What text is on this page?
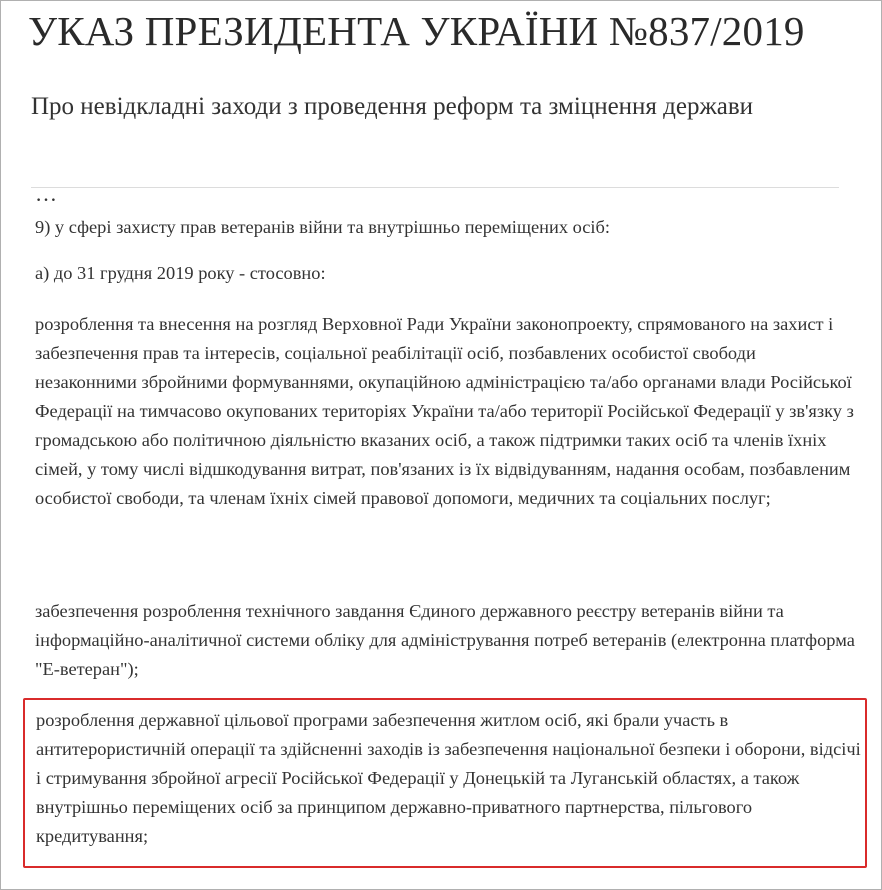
УКАЗ ПРЕЗИДЕНТА УКРАЇНИ №837/2019
Про невідкладні заходи з проведення реформ та зміцнення держави
…

9) у сфері захисту прав ветеранів війни та внутрішньо переміщених осіб:

а) до 31 грудня 2019 року - стосовно:

розроблення та внесення на розгляд Верховної Ради України законопроекту, спрямованого на захист і забезпечення прав та інтересів, соціальної реабілітації осіб, позбавлених особистої свободи незаконними збройними формуваннями, окупаційною адміністрацією та/або органами влади Російської Федерації на тимчасово окупованих територіях України та/або території Російської Федерації у зв'язку з громадською або політичною діяльністю вказаних осіб, а також підтримки таких осіб та членів їхніх сімей, у тому числі відшкодування витрат, пов'язаних із їх відвідуванням, надання особам, позбавленим особистої свободи, та членам їхніх сімей правової допомоги, медичних та соціальних послуг;

забезпечення розроблення технічного завдання Єдиного державного реєстру ветеранів війни та інформаційно-аналітичної системи обліку для адміністрування потреб ветеранів (електронна платформа "Е-ветеран");

розроблення державної цільової програми забезпечення житлом осіб, які брали участь в антитерористичній операції та здійсненні заходів із забезпечення національної безпеки і оборони, відсічі і стримування збройної агресії Російської Федерації у Донецькій та Луганській областях, а також внутрішньо переміщених осіб за принципом державно-приватного партнерства, пільгового кредитування;
